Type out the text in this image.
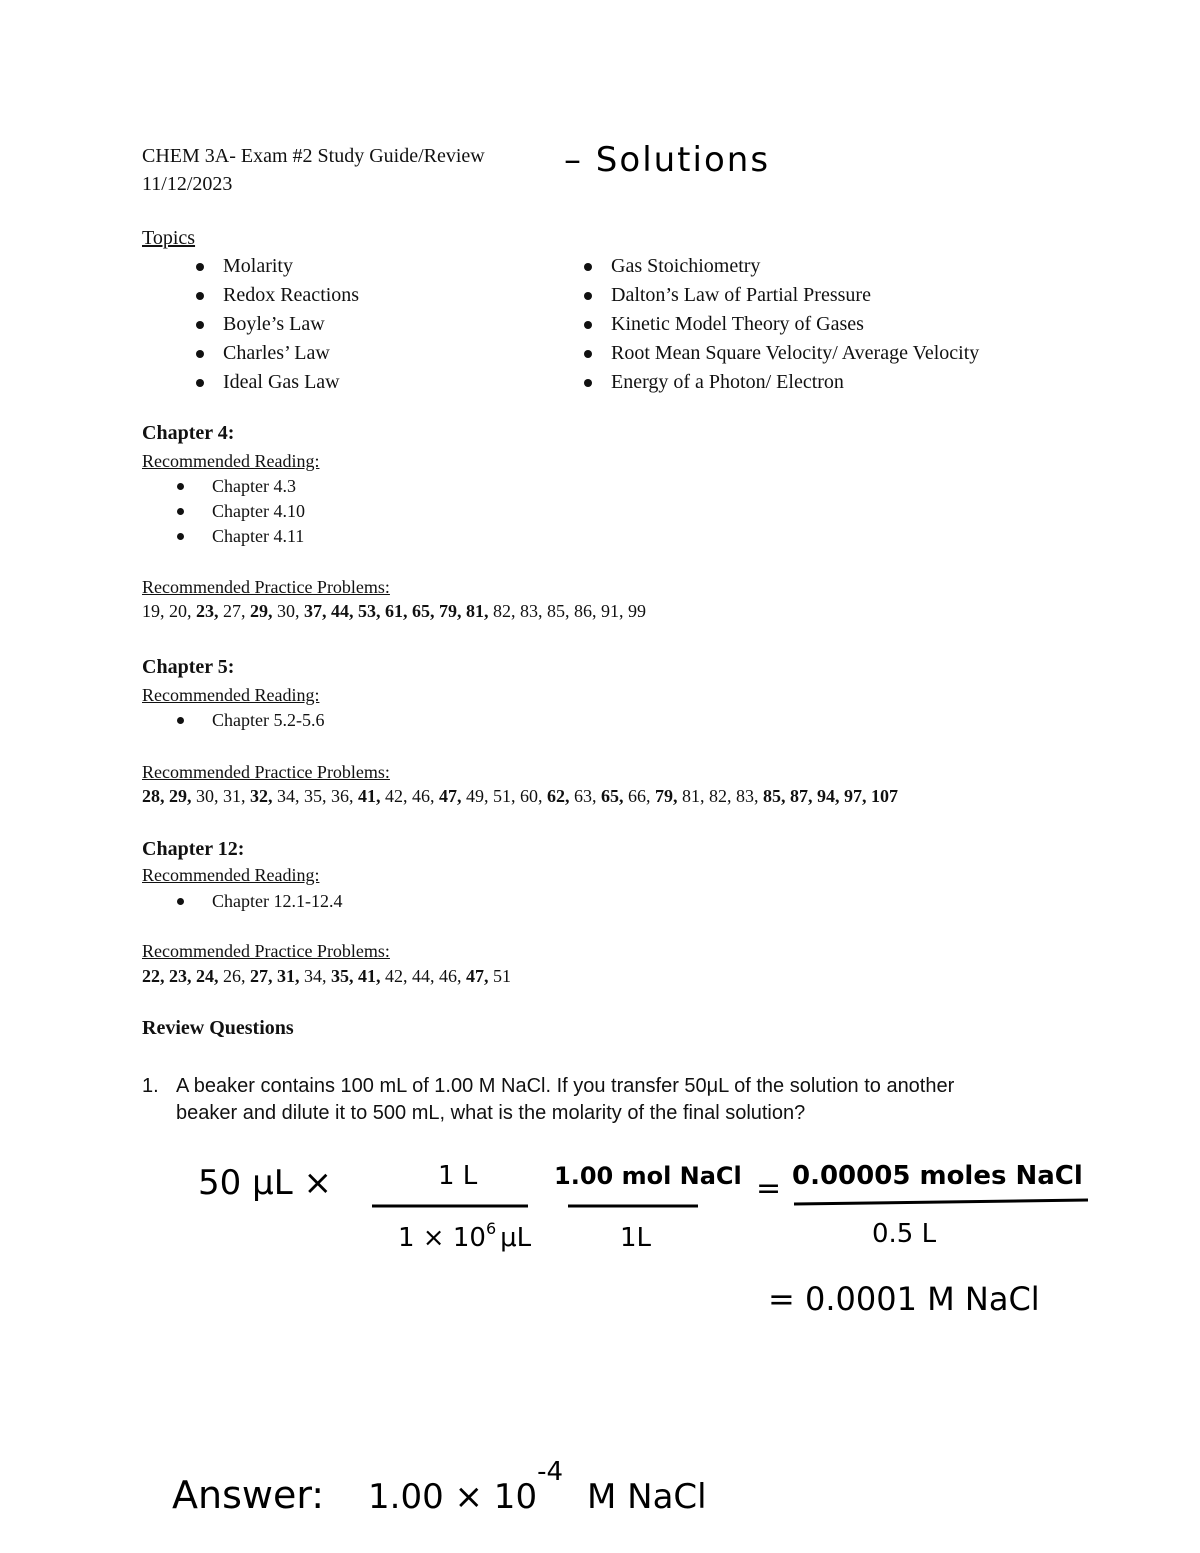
CHEM 3A- Exam #2 Study Guide/Review
11/12/2023
– Solutions
Topics
Molarity
Redox Reactions
Boyle’s Law
Charles’ Law
Ideal Gas Law
Gas Stoichiometry
Dalton’s Law of Partial Pressure
Kinetic Model Theory of Gases
Root Mean Square Velocity/ Average Velocity
Energy of a Photon/ Electron
Chapter 4:
Recommended Reading:
Chapter 4.3
Chapter 4.10
Chapter 4.11
Recommended Practice Problems:
19, 20, 23, 27, 29, 30, 37, 44, 53, 61, 65, 79, 81, 82, 83, 85, 86, 91, 99
Chapter 5:
Recommended Reading:
Chapter 5.2-5.6
Recommended Practice Problems:
28, 29, 30, 31, 32, 34, 35, 36, 41, 42, 46, 47, 49, 51, 60, 62, 63, 65, 66, 79, 81, 82, 83, 85, 87, 94, 97, 107
Chapter 12:
Recommended Reading:
Chapter 12.1-12.4
Recommended Practice Problems:
22, 23, 24, 26, 27, 31, 34, 35, 41, 42, 44, 46, 47, 51
Review Questions
1. A beaker contains 100 mL of 1.00 M NaCl. If you transfer 50μL of the solution to another
beaker and dilute it to 500 mL, what is the molarity of the final solution?
50 μL ×	1 L
$1 \times 10^6$ μL
1.00 mol NaCl
1L
= 0.00005 moles NaCl
0.5 L
= 0.0001 M NaCl
Answer: $1.00 \times 10^{-4}M$ NaCl
